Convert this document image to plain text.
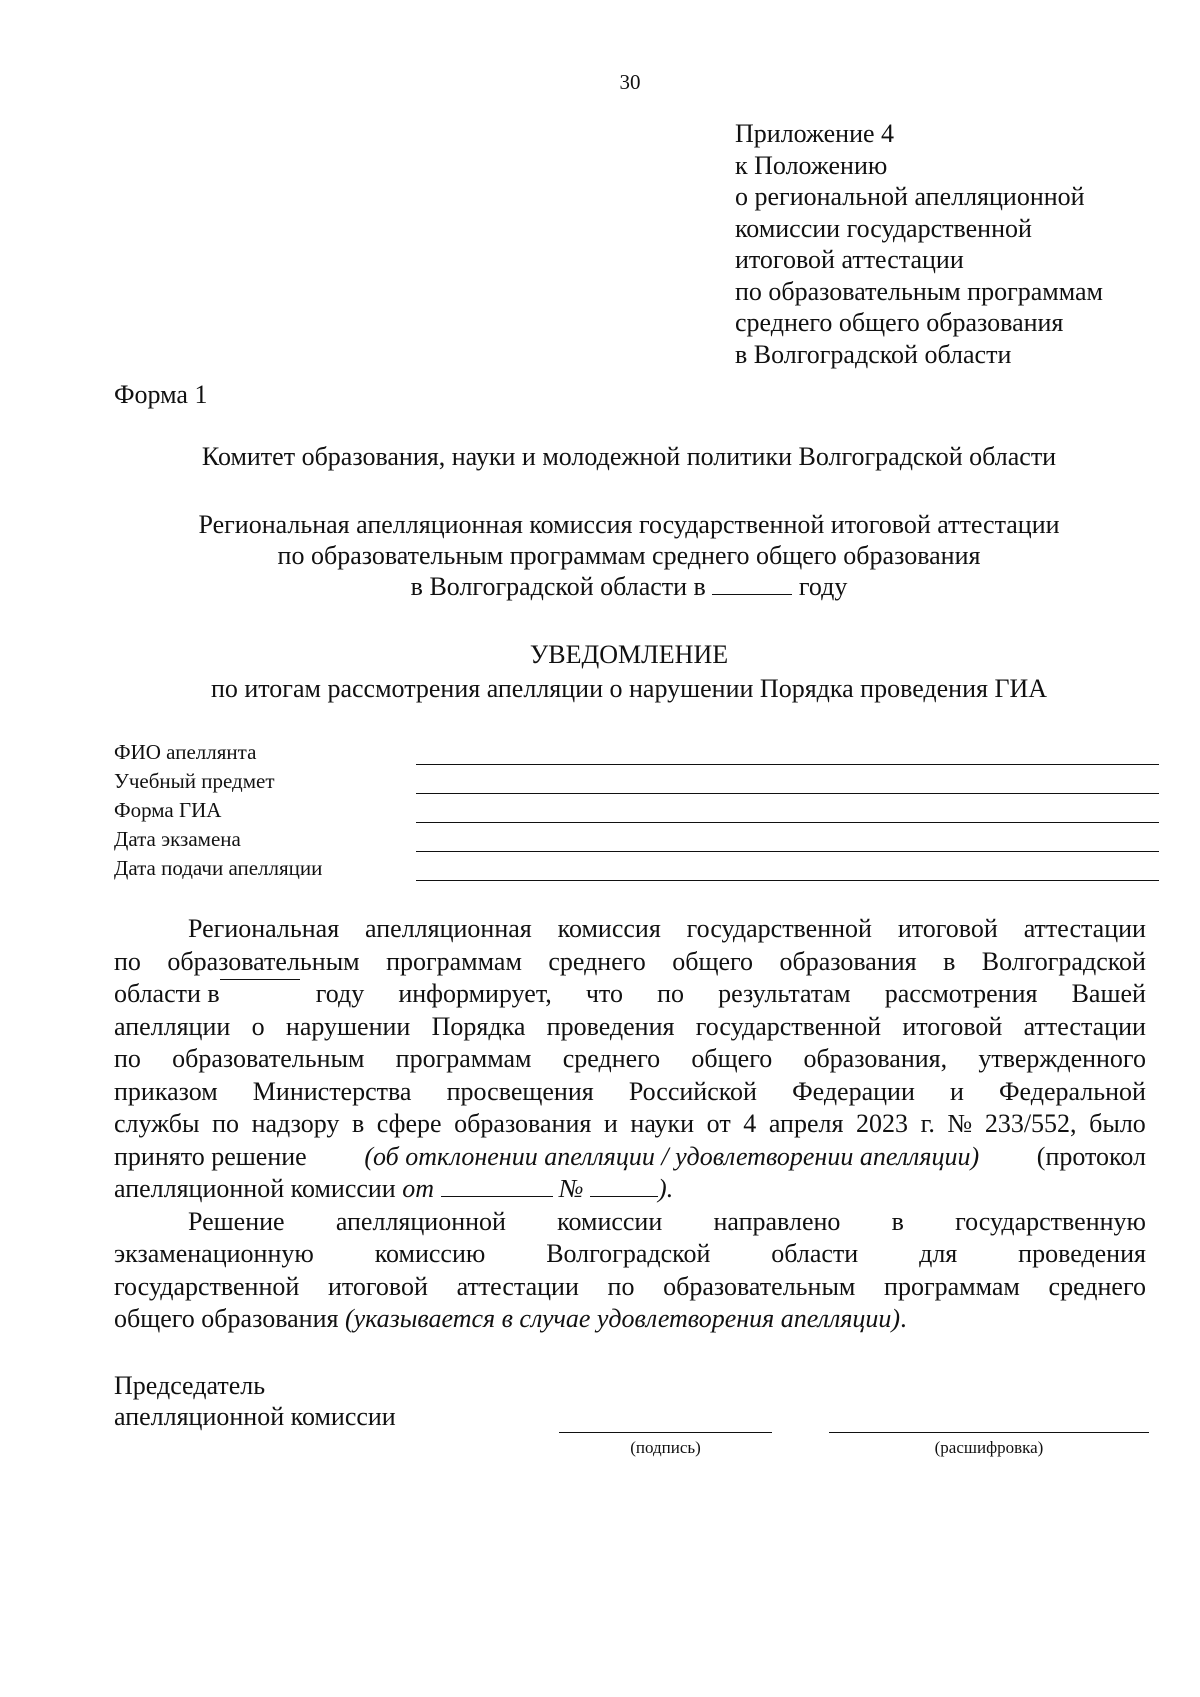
30
Приложение 4
к Положению
о региональной апелляционной
комиссии государственной
итоговой аттестации
по образовательным программам
среднего общего образования
в Волгоградской области
Форма 1
Комитет образования, науки и молодежной политики Волгоградской области
Региональная апелляционная комиссия государственной итоговой аттестации
по образовательным программам среднего общего образования
в Волгоградской области в	году
УВЕДОМЛЕНИЕ
по итогам рассмотрения апелляции о нарушении Порядка проведения ГИА
ФИО апеллянта
Учебный предмет
Форма ГИА
Дата экзамена
Дата подачи апелляции
Региональная апелляционная комиссия государственной итоговой аттестации
по образовательным программам среднего общего образования в Волгоградской
области в	году информирует, что по результатам рассмотрения Вашей
апелляции о нарушении Порядка проведения государственной итоговой аттестации
по образовательным программам среднего общего образования, утвержденного
приказом Министерства просвещения Российской Федерации и Федеральной
службы по надзору в сфере образования и науки от 4 апреля 2023 г. № 233/552, было
принято решение (об отклонении апелляции / удовлетворении апелляции) (протокол
апелляционной комиссии от	№	).
Решение апелляционной комиссии направлено в государственную
экзаменационную комиссию Волгоградской области для проведения
государственной итоговой аттестации по образовательным программам среднего
общего образования (указывается в случае удовлетворения апелляции).
Председатель
апелляционной комиссии
(подпись)	(расшифровка)
